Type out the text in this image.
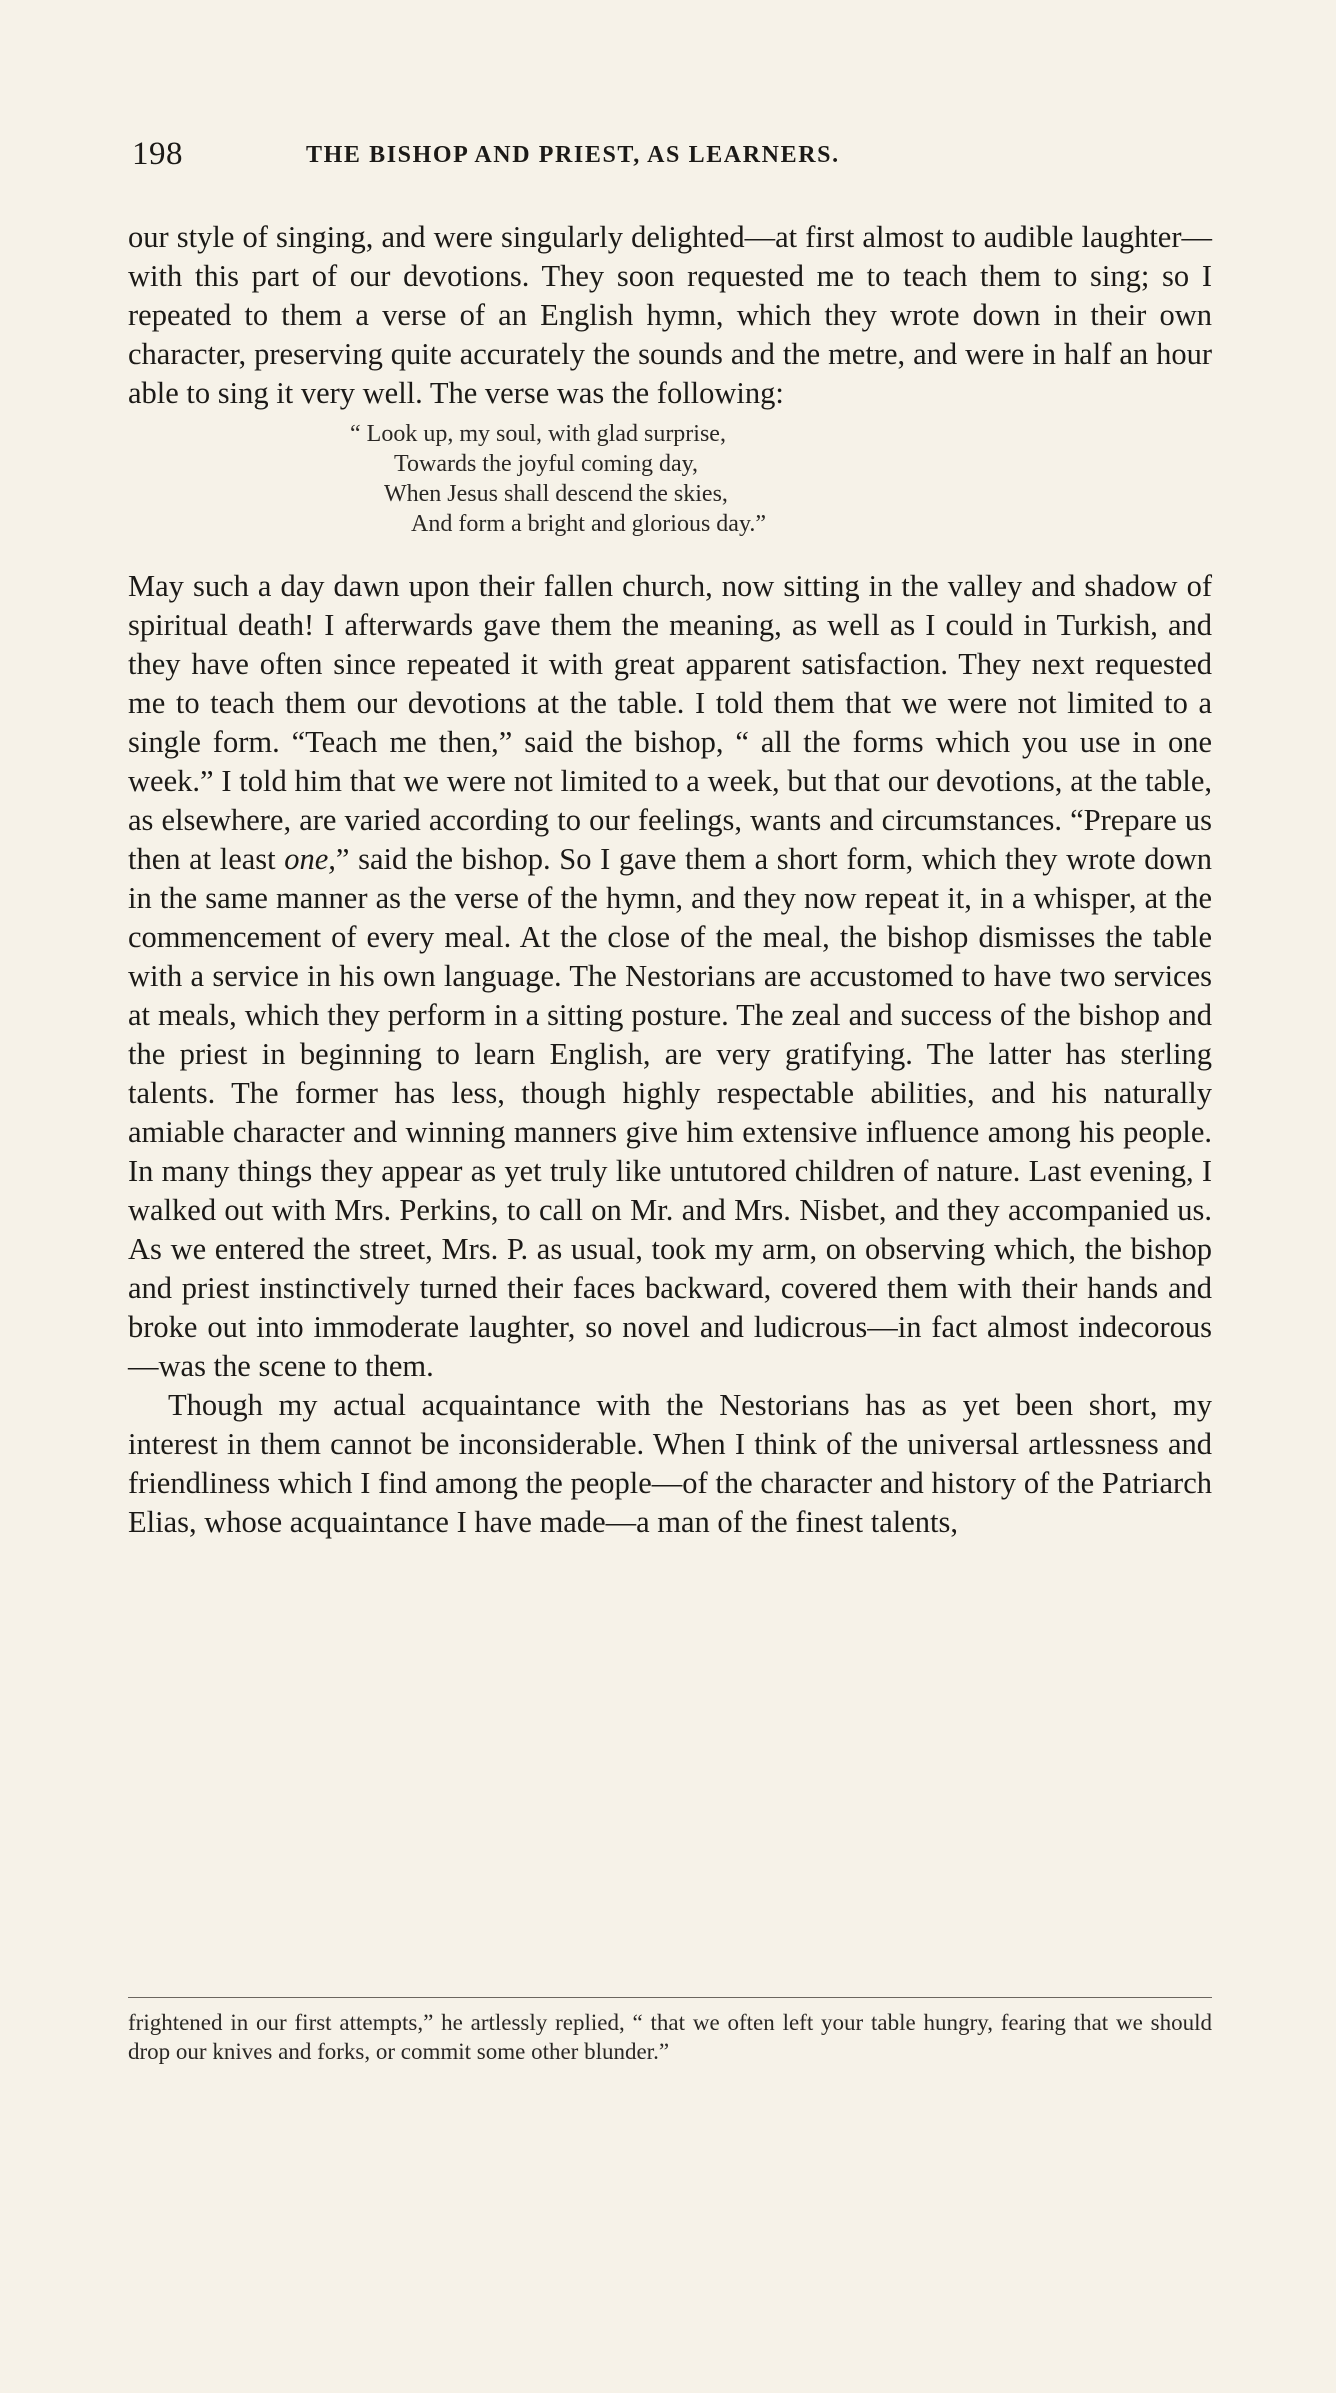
198	THE BISHOP AND PRIEST, AS LEARNERS.

our style of singing, and were singularly delighted—at first almost to audible laughter—with this part of our devotions. They soon requested me to teach them to sing; so I repeated to them a verse of an English hymn, which they wrote down in their own character, preserving quite accurately the sounds and the metre, and were in half an hour able to sing it very well. The verse was the following:

“ Look up, my soul, with glad surprise,
Towards the joyful coming day,
When Jesus shall descend the skies,
And form a bright and glorious day.”

May such a day dawn upon their fallen church, now sitting in the valley and shadow of spiritual death! I afterwards gave them the meaning, as well as I could in Turkish, and they have often since repeated it with great apparent satisfaction. They next requested me to teach them our devotions at the table. I told them that we were not limited to a single form. “Teach me then,” said the bishop, “ all the forms which you use in one week.” I told him that we were not limited to a week, but that our devotions, at the table, as elsewhere, are varied according to our feelings, wants and circumstances. “Prepare us then at least one,” said the bishop. So I gave them a short form, which they wrote down in the same manner as the verse of the hymn, and they now repeat it, in a whisper, at the commencement of every meal. At the close of the meal, the bishop dismisses the table with a service in his own language. The Nestorians are accustomed to have two services at meals, which they perform in a sitting posture. The zeal and success of the bishop and the priest in beginning to learn English, are very gratifying. The latter has sterling talents. The former has less, though highly respectable abilities, and his naturally amiable character and winning manners give him extensive influence among his people. In many things they appear as yet truly like untutored children of nature. Last evening, I walked out with Mrs. Perkins, to call on Mr. and Mrs. Nisbet, and they accompanied us. As we entered the street, Mrs. P. as usual, took my arm, on observing which, the bishop and priest instinctively turned their faces backward, covered them with their hands and broke out into immoderate laughter, so novel and ludicrous—in fact almost indecorous—was the scene to them.

Though my actual acquaintance with the Nestorians has as yet been short, my interest in them cannot be inconsiderable. When I think of the universal artlessness and friendliness which I find among the people—of the character and history of the Patriarch Elias, whose acquaintance I have made—a man of the finest talents,

frightened in our first attempts,” he artlessly replied, “ that we often left your table hungry, fearing that we should drop our knives and forks, or commit some other blunder.”
